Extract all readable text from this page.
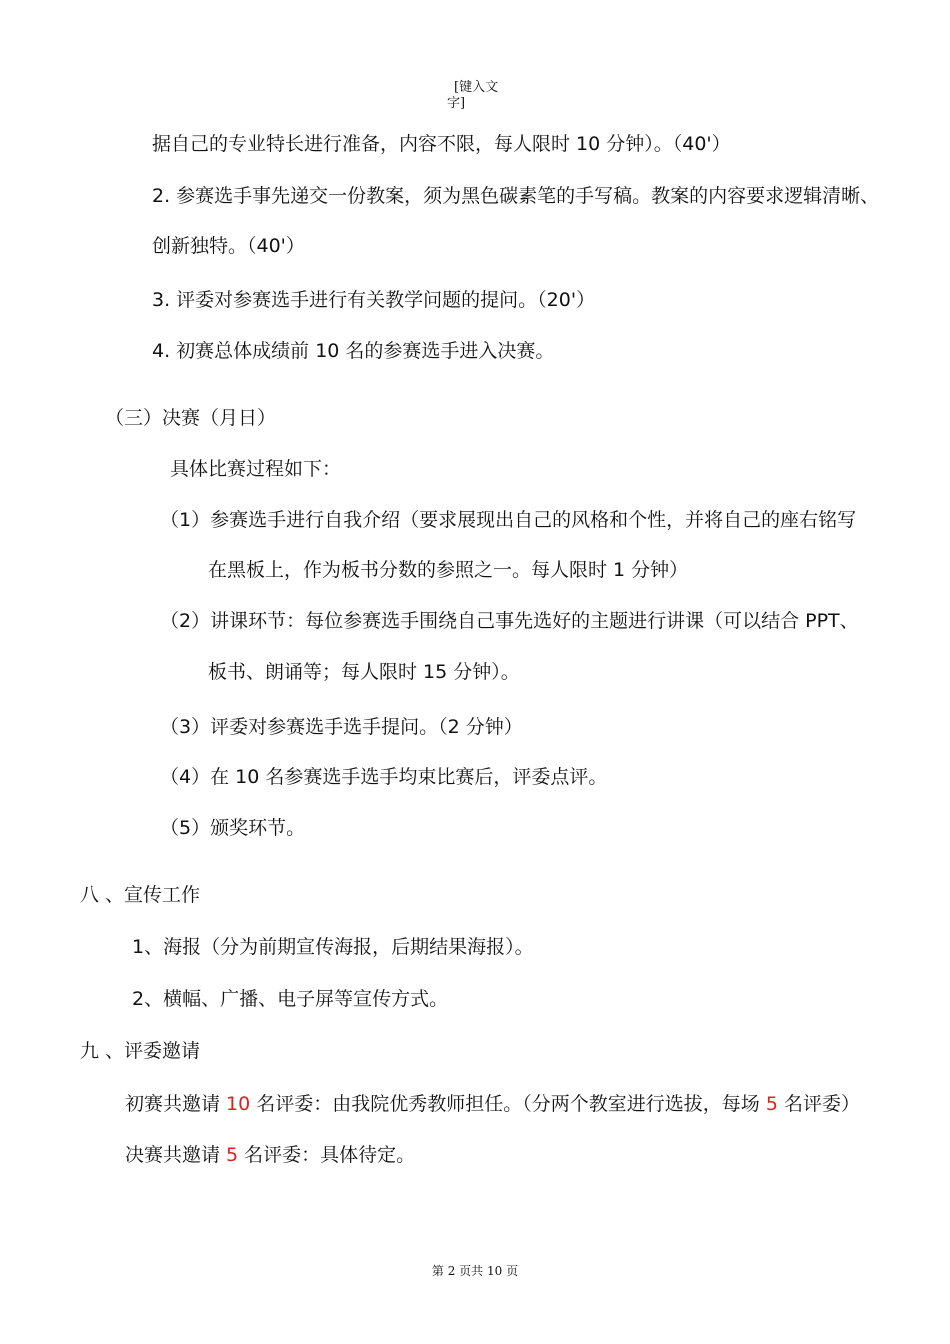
[键入文
字]
据自己的专业特长进行准备，内容不限，每人限时 10 分钟）。（40'）
2. 参赛选手事先递交一份教案，须为黑色碳素笔的手写稿。教案的内容要求逻辑清晰、
创新独特。（40'）
3. 评委对参赛选手进行有关教学问题的提问。（20'）
4. 初赛总体成绩前 10 名的参赛选手进入决赛。
（三）决赛（月日）
具体比赛过程如下：
（1）参赛选手进行自我介绍（要求展现出自己的风格和个性，并将自己的座右铭写
在黑板上，作为板书分数的参照之一。每人限时 1 分钟）
（2）讲课环节：每位参赛选手围绕自己事先选好的主题进行讲课（可以结合 PPT、
板书、朗诵等；每人限时 15 分钟）。
（3）评委对参赛选手选手提问。（2 分钟）
（4）在 10 名参赛选手选手均束比赛后，评委点评。
（5）颁奖环节。
八 、宣传工作
1、海报（分为前期宣传海报，后期结果海报）。
2、横幅、广播、电子屏等宣传方式。
九 、评委邀请
初赛共邀请 10 名评委：由我院优秀教师担任。（分两个教室进行选拔，每场 5 名评委）
决赛共邀请 5 名评委：具体待定。
第 2 页共 10 页
